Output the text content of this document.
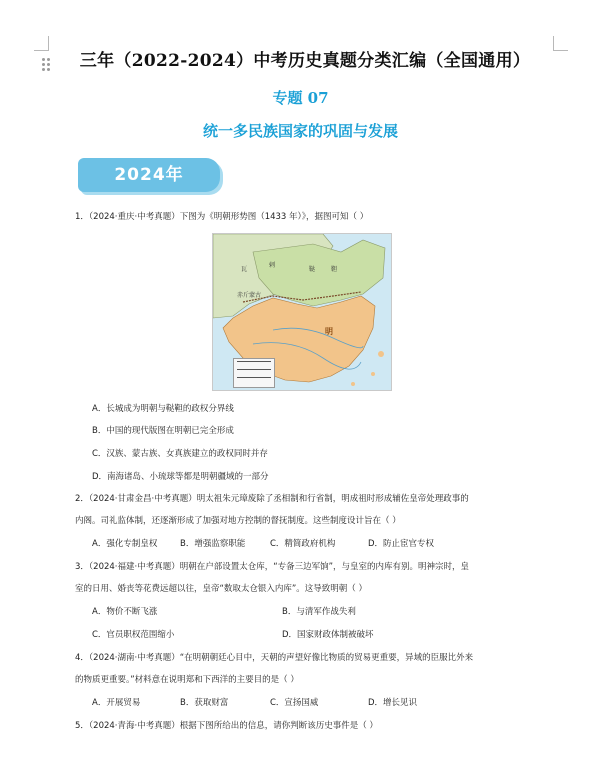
三年（2022-2024）中考历史真题分类汇编（全国通用）
专题 07
统一多民族国家的巩固与发展
2024年
1．（2024·重庆·中考真题）下图为《明朝形势图（1433 年）》，据图可知（ ）
瓦
剌
鞑	靼
赤斤蒙古
明
A．长城成为明朝与鞑靼的政权分界线
B．中国的现代版图在明朝已完全形成
C．汉族、蒙古族、女真族建立的政权同时并存
D．南海诸岛、小琉球等都是明朝疆域的一部分
2．（2024·甘肃金昌·中考真题）明太祖朱元璋废除了丞相制和行省制，明成祖时形成辅佐皇帝处理政事的
内阁。司礼监体制，还逐渐形成了加强对地方控制的督抚制度。这些制度设计旨在（ ）
A．强化专制皇权	B．增强监察职能	C．精简政府机构	D．防止宦官专权
3．（2024·福建·中考真题）明朝在户部设置太仓库，“专备三边军饷”，与皇室的内库有别。明神宗时，皇
室的日用、婚丧等花费远超以往，皇帝“数取太仓银入内库”。这导致明朝（ ）
A．物价不断飞涨	B．与清军作战失利
C．官员职权范围缩小	D．国家财政体制被破坏
4．（2024·湖南·中考真题）“在明朝朝廷心目中，天朝的声望好像比物质的贸易更重要，异域的臣服比外来
的物质更重要。”材料意在说明郑和下西洋的主要目的是（ ）
A．开展贸易	B．获取财富	C．宣扬国威	D．增长见识
5．（2024·青海·中考真题）根据下图所给出的信息，请你判断该历史事件是（ ）
